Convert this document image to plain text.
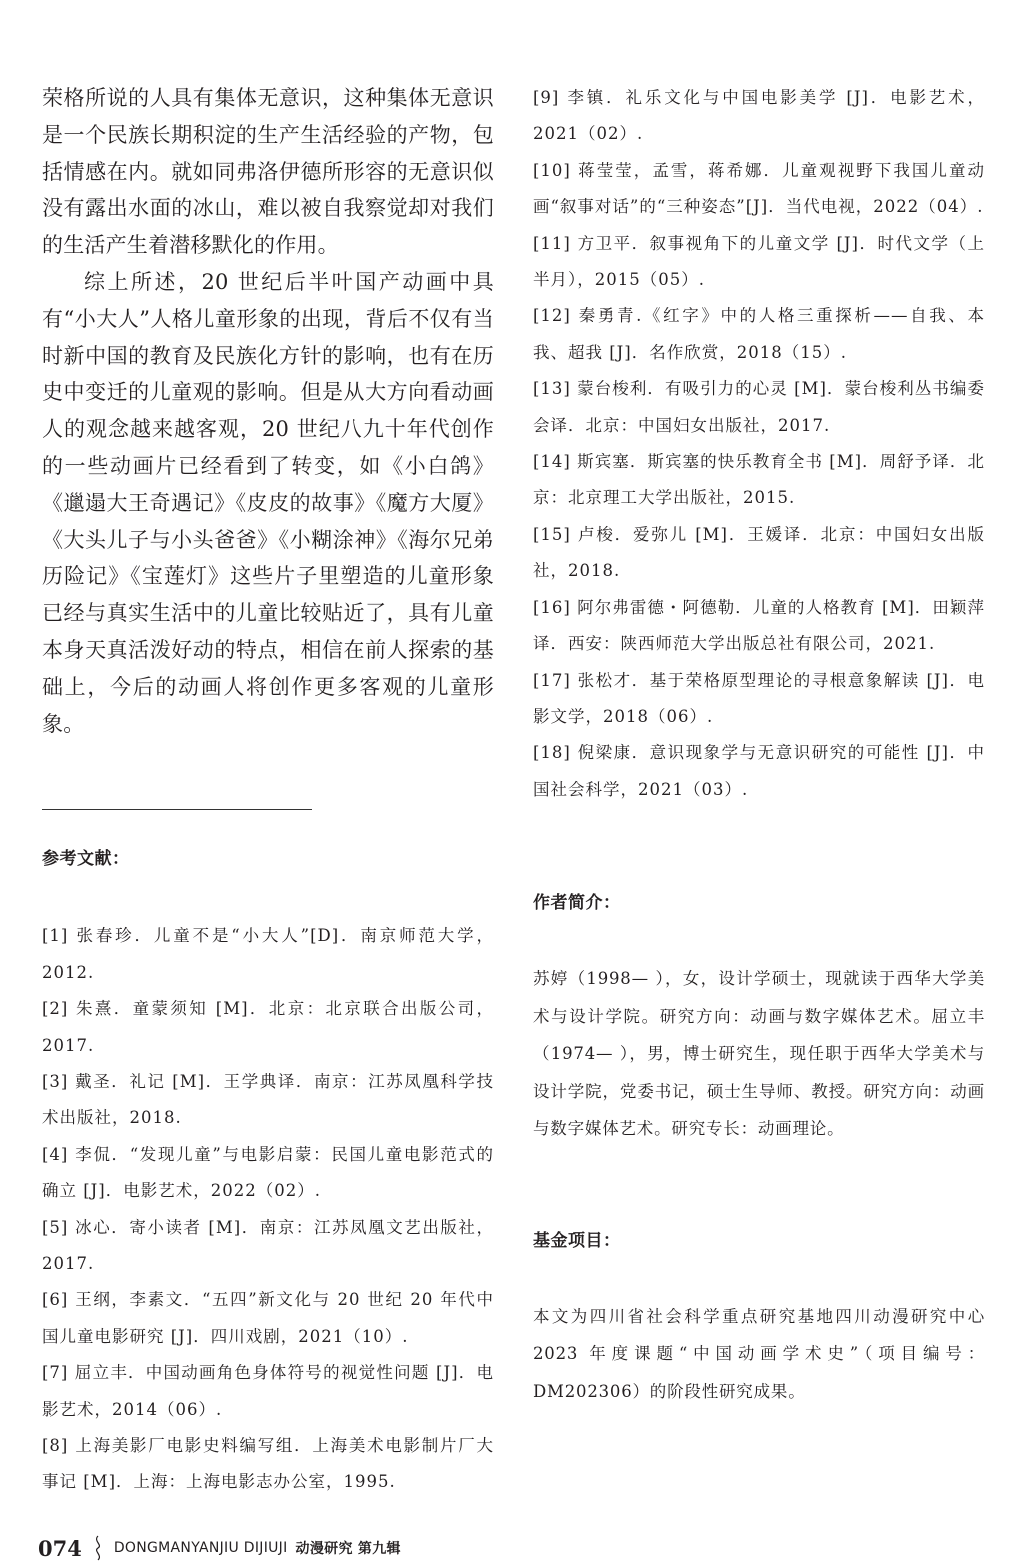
荣格所说的人具有集体无意识，这种集体无意识是一个民族长期积淀的生产生活经验的产物，包括情感在内。就如同弗洛伊德所形容的无意识似没有露出水面的冰山，难以被自我察觉却对我们的生活产生着潜移默化的作用。

综上所述，20 世纪后半叶国产动画中具有“小大人”人格儿童形象的出现，背后不仅有当时新中国的教育及民族化方针的影响，也有在历史中变迁的儿童观的影响。但是从大方向看动画人的观念越来越客观，20 世纪八九十年代创作的一些动画片已经看到了转变，如《小白鸽》《邋遢大王奇遇记》《皮皮的故事》《魔方大厦》《大头儿子与小头爸爸》《小糊涂神》《海尔兄弟历险记》《宝莲灯》这些片子里塑造的儿童形象已经与真实生活中的儿童比较贴近了，具有儿童本身天真活泼好动的特点，相信在前人探索的基础上，今后的动画人将创作更多客观的儿童形象。

参考文献：
[1] 张春珍．儿童不是“小大人”[D]．南京师范大学，2012.
[2] 朱熹．童蒙须知 [M]．北京：北京联合出版公司，2017.
[3] 戴圣．礼记 [M]．王学典译．南京：江苏凤凰科学技术出版社，2018.
[4] 李侃．“发现儿童”与电影启蒙：民国儿童电影范式的确立 [J]．电影艺术，2022（02）.
[5] 冰心．寄小读者 [M]．南京：江苏凤凰文艺出版社，2017.
[6] 王纲，李素文．“五四”新文化与 20 世纪 20 年代中国儿童电影研究 [J]．四川戏剧，2021（10）.
[7] 屈立丰．中国动画角色身体符号的视觉性问题 [J]．电影艺术，2014（06）.
[8] 上海美影厂电影史料编写组．上海美术电影制片厂大事记 [M]．上海：上海电影志办公室，1995.
[9] 李镇．礼乐文化与中国电影美学 [J]．电影艺术，2021（02）.
[10] 蒋莹莹，孟雪，蒋希娜．儿童观视野下我国儿童动画“叙事对话”的“三种姿态”[J]．当代电视，2022（04）.
[11] 方卫平．叙事视角下的儿童文学 [J]．时代文学（上半月），2015（05）.
[12] 秦勇青.《红字》中的人格三重探析——自我、本我、超我 [J]．名作欣赏，2018（15）.
[13] 蒙台梭利．有吸引力的心灵 [M]．蒙台梭利丛书编委会译．北京：中国妇女出版社，2017.
[14] 斯宾塞．斯宾塞的快乐教育全书 [M]．周舒予译．北京：北京理工大学出版社，2015.
[15] 卢梭．爱弥儿 [M]．王媛译．北京：中国妇女出版社，2018.
[16] 阿尔弗雷德・阿德勒．儿童的人格教育 [M]．田颖萍译．西安：陕西师范大学出版总社有限公司，2021.
[17] 张松才．基于荣格原型理论的寻根意象解读 [J]．电影文学，2018（06）.
[18] 倪梁康．意识现象学与无意识研究的可能性 [J]．中国社会科学，2021（03）.
作者简介：

苏婷（1998— ），女，设计学硕士，现就读于西华大学美术与设计学院。研究方向：动画与数字媒体艺术。屈立丰（1974— ），男，博士研究生，现任职于西华大学美术与设计学院，党委书记，硕士生导师、教授。研究方向：动画与数字媒体艺术。研究专长：动画理论。

基金项目：

本文为四川省社会科学重点研究基地四川动漫研究中心 2023 年度课题“中国动画学术史”（项目编号：DM202306）的阶段性研究成果。

074 DONGMANYANJIU DIJIUJI 动漫研究 第九辑
